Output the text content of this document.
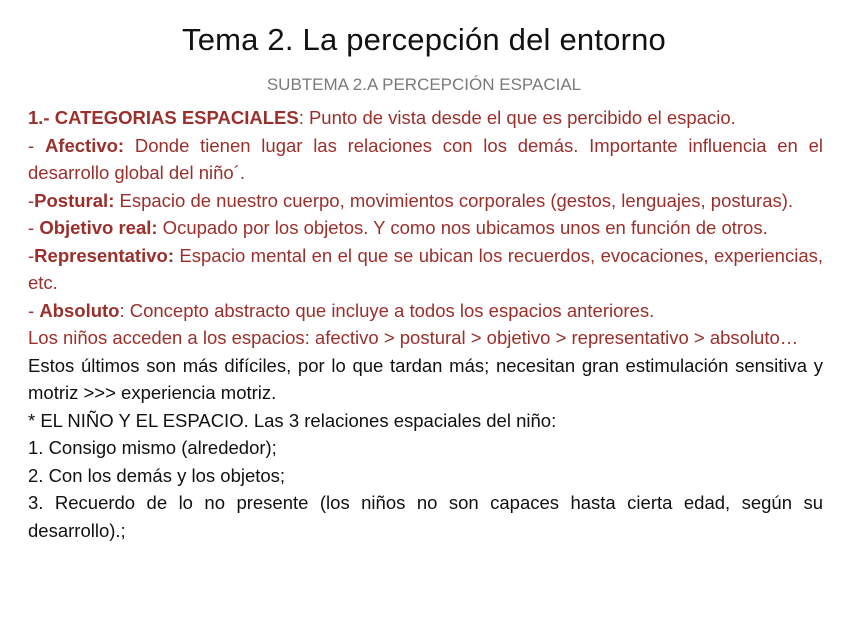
Tema 2. La percepción del entorno
SUBTEMA 2.A PERCEPCIÓN ESPACIAL

1.- CATEGORIAS ESPACIALES: Punto de vista desde el que es percibido el espacio.

- Afectivo: Donde tienen lugar las relaciones con los demás. Importante influencia en el desarrollo global del niño´.

-Postural: Espacio de nuestro cuerpo, movimientos corporales (gestos, lenguajes, posturas).

- Objetivo real: Ocupado por los objetos. Y como nos ubicamos unos en función de otros.

-Representativo: Espacio mental en el que se ubican los recuerdos, evocaciones, experiencias, etc.

- Absoluto: Concepto abstracto que incluye a todos los espacios anteriores.

Los niños acceden a los espacios: afectivo > postural > objetivo > representativo > absoluto…

Estos últimos son más difíciles, por lo que tardan más; necesitan gran estimulación sensitiva y motriz >>> experiencia motriz.

* EL NIÑO Y EL ESPACIO. Las 3 relaciones espaciales del niño:

1. Consigo mismo (alrededor);

2. Con los demás y los objetos;

3. Recuerdo de lo no presente (los niños no son capaces hasta cierta edad, según su desarrollo).;
